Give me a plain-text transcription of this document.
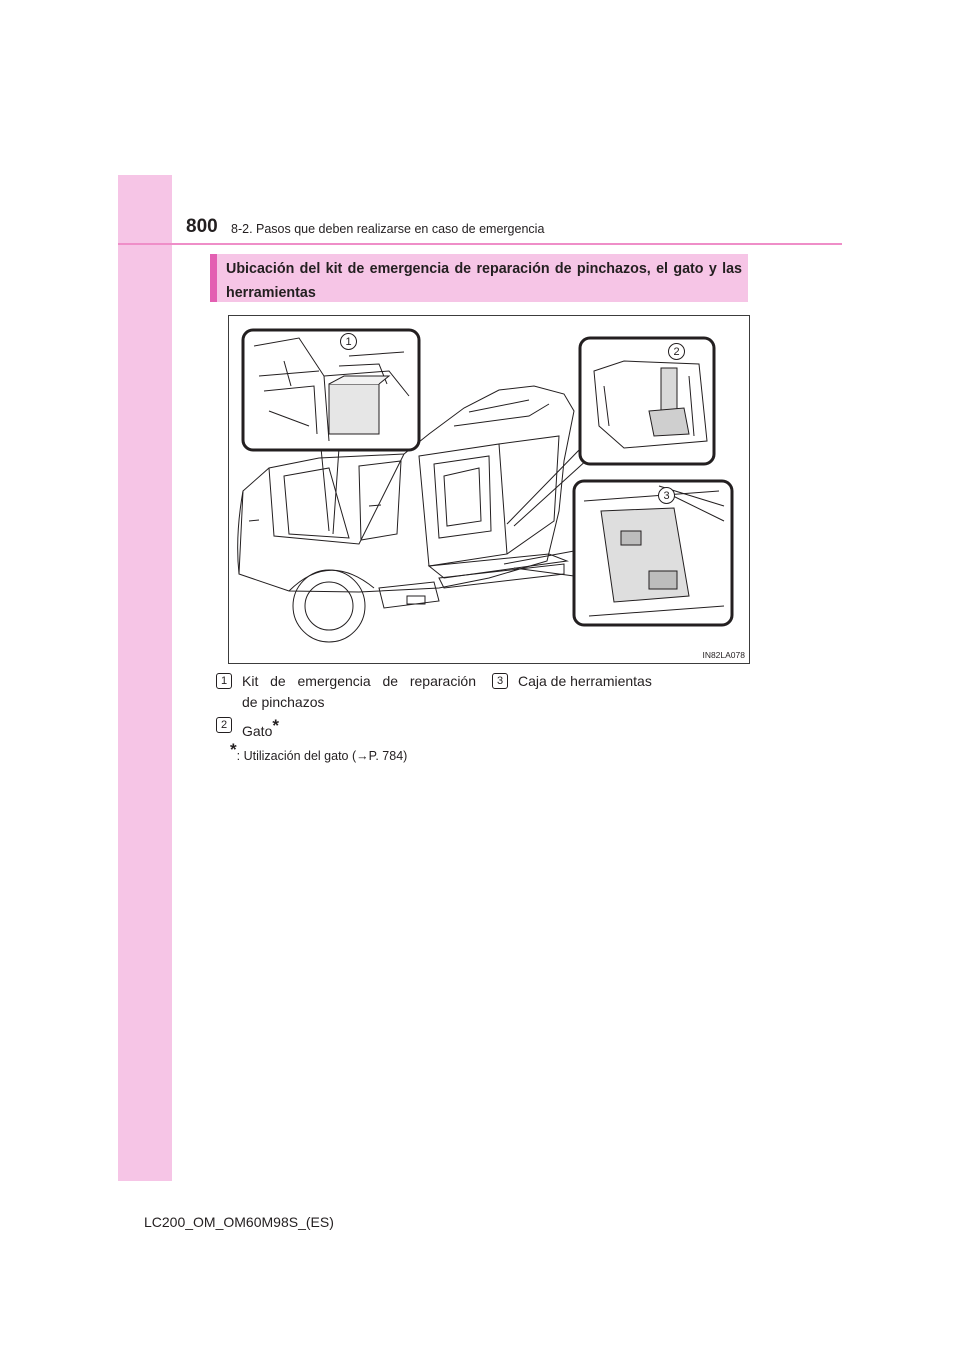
800 8-2. Pasos que deben realizarse en caso de emergencia
Ubicación del kit de emergencia de reparación de pinchazos, el gato y las herramientas
1
2
3
IN82LA078
1	Kit de emergencia de reparación
de pinchazos
3	Caja de herramientas
2	Gato*
*: Utilización del gato (→P. 784)
LC200_OM_OM60M98S_(ES)
